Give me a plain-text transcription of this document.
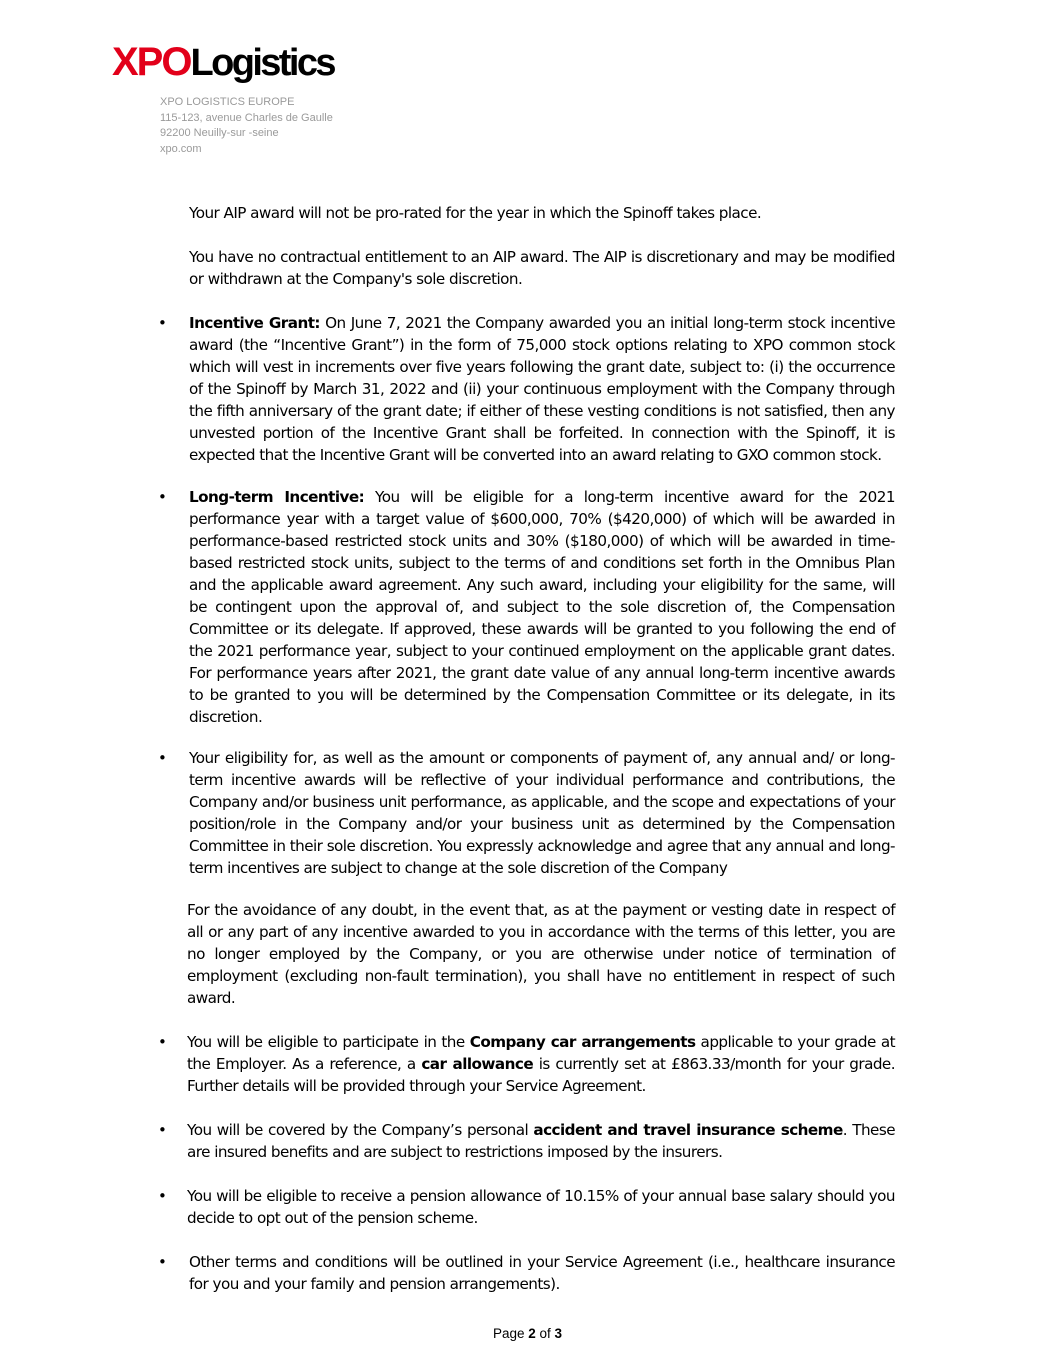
XPOLogistics
XPO LOGISTICS EUROPE
115-123, avenue Charles de Gaulle
92200 Neuilly-sur -seine
xpo.com

Your AIP award will not be pro-rated for the year in which the Spinoff takes place.

You have no contractual entitlement to an AIP award. The AIP is discretionary and may be modified or withdrawn at the Company's sole discretion.

• Incentive Grant: On June 7, 2021 the Company awarded you an initial long-term stock incentive award (the “Incentive Grant”) in the form of 75,000 stock options relating to XPO common stock which will vest in increments over five years following the grant date, subject to: (i) the occurrence of the Spinoff by March 31, 2022 and (ii) your continuous employment with the Company through the fifth anniversary of the grant date; if either of these vesting conditions is not satisfied, then any unvested portion of the Incentive Grant shall be forfeited. In connection with the Spinoff, it is expected that the Incentive Grant will be converted into an award relating to GXO common stock.

• Long-term Incentive: You will be eligible for a long-term incentive award for the 2021 performance year with a target value of $600,000, 70% ($420,000) of which will be awarded in performance-based restricted stock units and 30% ($180,000) of which will be awarded in time-based restricted stock units, subject to the terms of and conditions set forth in the Omnibus Plan and the applicable award agreement. Any such award, including your eligibility for the same, will be contingent upon the approval of, and subject to the sole discretion of, the Compensation Committee or its delegate. If approved, these awards will be granted to you following the end of the 2021 performance year, subject to your continued employment on the applicable grant dates. For performance years after 2021, the grant date value of any annual long-term incentive awards to be granted to you will be determined by the Compensation Committee or its delegate, in its discretion.

• Your eligibility for, as well as the amount or components of payment of, any annual and/ or long-term incentive awards will be reflective of your individual performance and contributions, the Company and/or business unit performance, as applicable, and the scope and expectations of your position/role in the Company and/or your business unit as determined by the Compensation Committee in their sole discretion. You expressly acknowledge and agree that any annual and long-term incentives are subject to change at the sole discretion of the Company

For the avoidance of any doubt, in the event that, as at the payment or vesting date in respect of all or any part of any incentive awarded to you in accordance with the terms of this letter, you are no longer employed by the Company, or you are otherwise under notice of termination of employment (excluding non-fault termination), you shall have no entitlement in respect of such award.

• You will be eligible to participate in the Company car arrangements applicable to your grade at the Employer. As a reference, a car allowance is currently set at £863.33/month for your grade. Further details will be provided through your Service Agreement.

• You will be covered by the Company’s personal accident and travel insurance scheme. These are insured benefits and are subject to restrictions imposed by the insurers.

• You will be eligible to receive a pension allowance of 10.15% of your annual base salary should you decide to opt out of the pension scheme.

• Other terms and conditions will be outlined in your Service Agreement (i.e., healthcare insurance for you and your family and pension arrangements).

Page 2 of 3
